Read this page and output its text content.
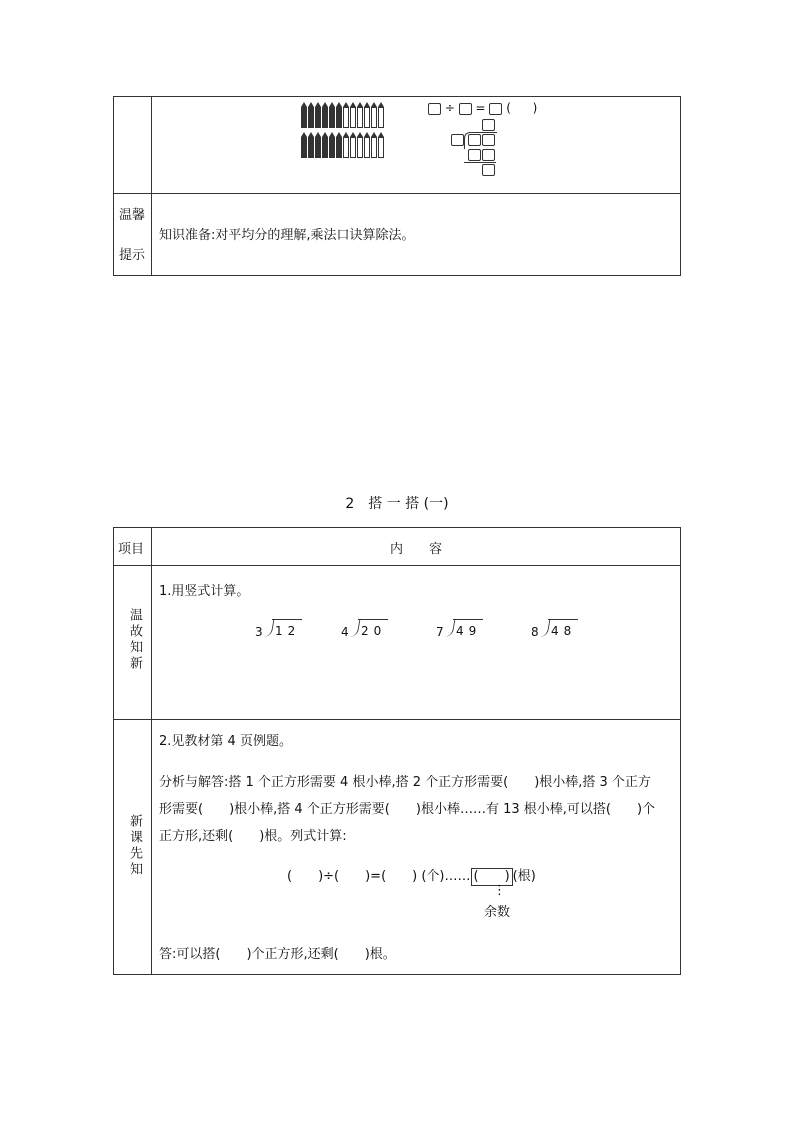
÷ = ( )
温馨
提示
知识准备:对平均分的理解,乘法口诀算除法。
2　搭 一 搭 (一)
项目	内　　容
温故知新
1.用竖式计算。
3 12	4 20	7 49	8 48
新课先知
2.见教材第 4 页例题。
分析与解答:搭 1 个正方形需要 4 根小棒,搭 2 个正方形需要(　　)根小棒,搭 3 个正方
形需要(　　)根小棒,搭 4 个正方形需要(　　)根小棒……有 13 根小棒,可以搭(　　)个
正方形,还剩(　　)根。列式计算:
(　　)÷(　　)=(　　) (个)…… (　　) (根)
⋮
余数
答:可以搭(　　)个正方形,还剩(　　)根。
